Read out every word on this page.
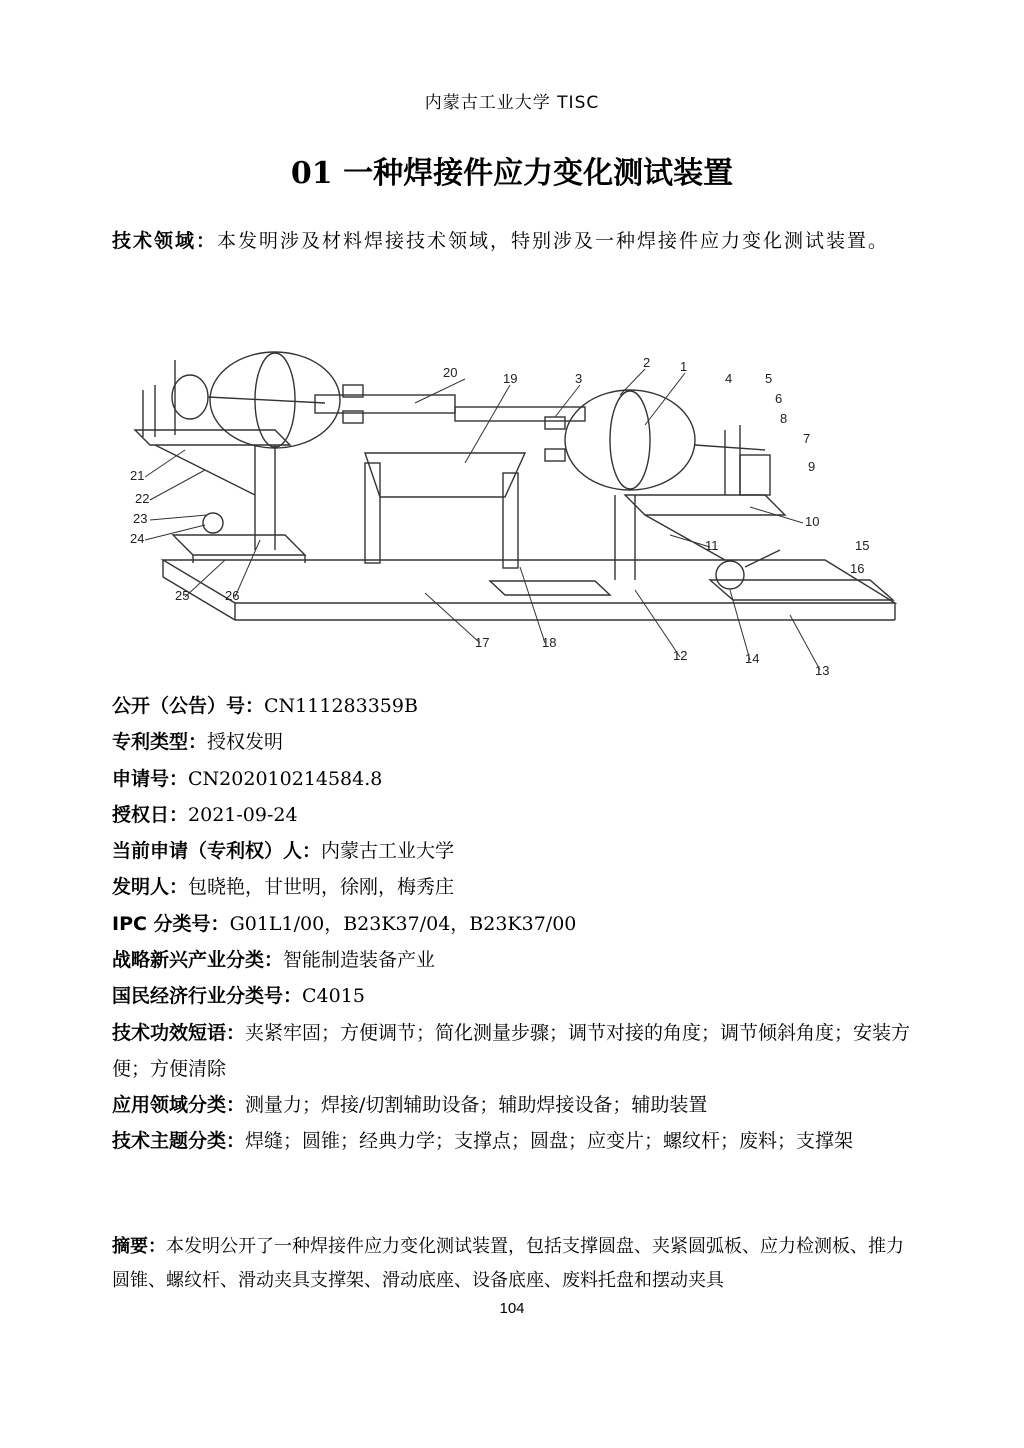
内蒙古工业大学 TISC
01 一种焊接件应力变化测试装置
技术领域：本发明涉及材料焊接技术领域，特别涉及一种焊接件应力变化测试装置。
1
2
3	4	5
6
7
8
9
10
11
12
13
14
15
16
17	18
19
20
21
22
23
24
25	26
公开（公告）号：CN111283359B
专利类型：授权发明
申请号：CN202010214584.8
授权日：2021-09-24
当前申请（专利权）人：内蒙古工业大学
发明人：包晓艳，甘世明，徐刚，梅秀庄
IPC 分类号：G01L1/00，B23K37/04，B23K37/00
战略新兴产业分类：智能制造装备产业
国民经济行业分类号：C4015
技术功效短语：夹紧牢固；方便调节；简化测量步骤；调节对接的角度；调节倾斜角度；安装方便；方便清除
应用领域分类：测量力；焊接/切割辅助设备；辅助焊接设备；辅助装置
技术主题分类：焊缝；圆锥；经典力学；支撑点；圆盘；应变片；螺纹杆；废料；支撑架
摘要：本发明公开了一种焊接件应力变化测试装置，包括支撑圆盘、夹紧圆弧板、应力检测板、推力圆锥、螺纹杆、滑动夹具支撑架、滑动底座、设备底座、废料托盘和摆动夹具
104
